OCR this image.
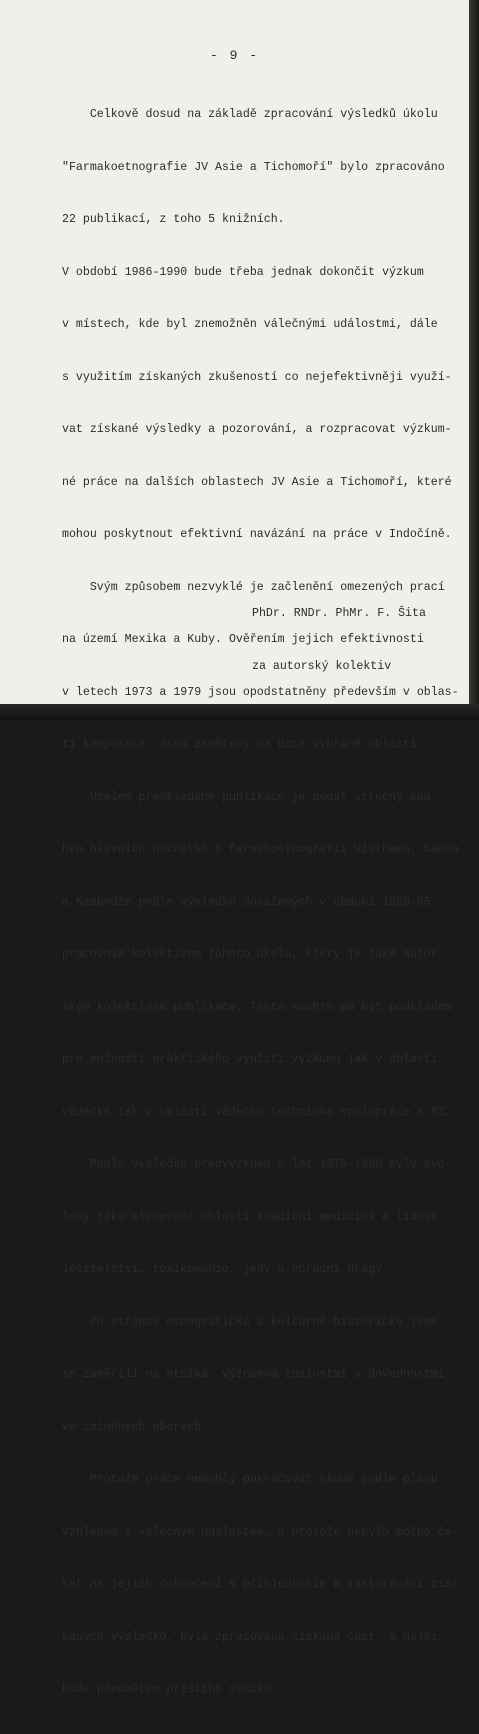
- 9 -

Celkově dosud na základě zpracování výsledků úkolu

"Farmakoetnografie JV Asie a Tichomoří" bylo zpracováno

22 publikací, z toho 5 knižních.

V období 1986-1990 bude třeba jednak dokončit výzkum

v místech, kde byl znemožněn válečnými událostmi, dále

s využitím získaných zkušeností co nejefektivněji využí-

vat získané výsledky a pozorování, a rozpracovat výzkum-

né práce na dalších oblastech JV Asie a Tichomoří, které

mohou poskytnout efektivní navázání na práce v Indočíně.

Svým způsobem nezvyklé je začlenění omezených prací

na území Mexika a Kuby. Ověřením jejich efektivnosti

v letech 1973 a 1979 jsou opodstatněny především v oblas-

ti komparace. Jsou zaměřeny na úzce vybrané oblasti.

Účelem předkládané publikace je podat stručný sou-

hrn hlavních poznatků o farmakoetnografii Vietnamu, Laosu

a Kambodže podle výsledků dosažených v období 1980-85

pracovním kolektivem tohoto úkolu, který je také autor-

ským kolektivem publikace. Tento souhrn má být podkladem

pro možnosti praktického využití výzkumu jak v oblasti

vědecké tak v oblasti vědecko-technické spolupráce s RZ.

Podle výsledků předvýzkumu z let 1978-1980 byly zvo-

leny jako sledované oblasti tradiční medicína a lidové

léčitelství, toxikomanie, jedy a obřadní drogy.

Po stránce etnografické a kulturně-historické jsme

se zaměřili na etnika, významná znalostmi a dovednostmi

ve zmíněných oborech.

Protože práce nemohly pokračovat všude podle plánu

vzhledem k válečným událostem, a protože nebylo možno če-

kat na jejich dokončení s přihlédnutím k zastarávání zís-

kaných výsledků, byla zpracována získaná část, a další

bude předmětem příštího svazku.

PhDr. RNDr. PhMr. F. Šita

za autorský kolektiv
